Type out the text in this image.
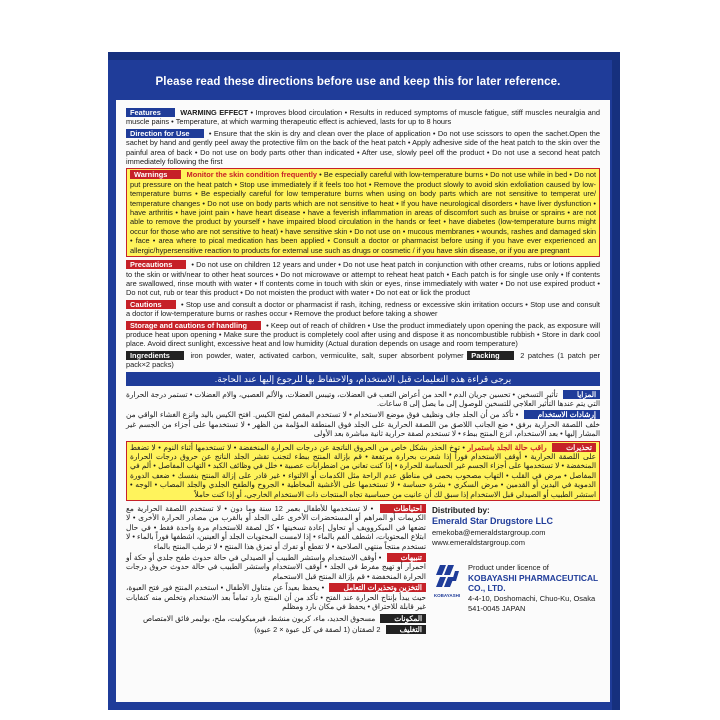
Please read these directions before use and keep this for later reference.
Features	WARMING EFFECT • Improves blood circulation • Results in reduced symptoms of muscle fatigue, stiff muscles neuralgia and muscle pains • Temperature, at which warming therapeutic effect is achieved, lasts for up to 8 hours
Direction for Use	• Ensure that the skin is dry and clean over the place of application • Do not use scissors to open the sachet.Open the sachet by hand and gently peel away the protective film on the back of the heat patch • Apply adhesive side of the heat patch to the skin over the painful area of back • Do not use on body parts other than indicated • After use, slowly peel off the product • Do not use a second heat patch immediately following the first
Warnings	Monitor the skin condition frequently • Be especially careful with low-temperature burns • Do not use while in bed • Do not put pressure on the heat patch • Stop use immediately if it feels too hot • Remove the product slowly to avoid skin exfoliation caused by low-temperature burns • Be especially careful for low temperature burns when using on body parts which are not sensitive to temperat ure/ temperature changes • Do not use on body parts which are not sensitive to heat • If you have neurological disorders • have liver dysfunction • have arthritis • have joint pain • have heart disease • have a feverish inflammation in areas of discomfort such as bruise or sprains • are not able to remove the product by yourself • have impaired blood circulation in the hands or feet • have diabetes (low-temperature burns might occur for those who are not sensitive to heat) • have sensitive skin • Do not use on • mucous membranes • wounds, rashes and damaged skin • face • area where to pical medication has been applied • Consult a doctor or pharmacist before using if you have ever experienced an allergic/hypersensitive reaction to products for external use such as drugs or cosmetic / if you have skin disease, or if you are pregnant
Precautions	• Do not use on children 12 years and under • Do not use heat patch in conjunction with other creams, rubs or lotions applied to the skin or with/near to other heat sources • Do not microwave or attempt to reheat heat patch • Each patch is for single use only • If contents are swallowed, rinse mouth with water • If contents come in touch with skin or eyes, rinse immediately with water • Do not use expired product • Do not cut, rub or tear this product • Do not moisten the product with water • Do not eat or lick the product
Cautions	• Stop use and consult a doctor or pharmacist if rash, itching, redness or excessive skin irritation occurs • Stop use and consult a doctor if low-temperature burns or rashes occur • Remove the product before taking a shower
Storage and cautions of handling	• Keep out of reach of children • Use the product immediately upon opening the pack, as exposure will produce heat upon opening • Make sure the product is completely cool after using and dispose it as noncombustible rubbish • Store in dark cool place. Avoid direct sunlight, excessive heat and low humidity (Actual duration depends on usage and room temperature)
Ingredients	iron powder, water, activated carbon, vermiculite, salt, super absorbent polymer Packing	2 patches (1 patch per pack×2 packs)
يرجى قراءة هذه التعليمات قبل الاستخدام، والاحتفاظ بها للرجوع إليها عند الحاجة.
المزايا تأثير التسخين • تحسين جريان الدم • الحد من أعراض التعب في العضلات، وتيبس العضلات، والألم العصبي، والام العضلات • تستمر درجة الحرارة التي يتم عندها التأثير العلاجي للتسخين للوصول إلى ما يصل إلى 8 ساعات.
إرشادات الاستخدام • تأكد من أن الجلد جاف ونظيف فوق موضع الاستخدام • لا تستخدم المقص لفتح الكيس. افتح الكيس باليد وانزع الغشاء الواقي من خلف اللصقة الحرارية برفق • ضع الجانب اللاصق من اللصقة الحرارية على الجلد فوق المنطقة المؤلمة من الظهر • لا تستخدمها على أجزاء من الجسم غير المشار إليها • بعد الاستخدام، انزع المنتج ببطء • لا تستخدم لصقة حرارية ثانية مباشرة بعد الأولى
تحذيرات راقب حالة الجلد باستمرار • توخ الحذر بشكل خاص من الحروق الناتجة عن درجات الحرارة المنخفضة • لا تستخدمها أثناء النوم • لا تضغط على اللصقة الحرارية • أوقف الاستخدام فوراً إذا شعرت بحرارة مرتفعة • قم بإزالة المنتج ببطء لتجنب تقشر الجلد الناتج عن حروق درجات الحرارة المنخفضة • لا تستخدمها على أجزاء الجسم غير الحساسة للحرارة • إذا كنت تعاني من اضطرابات عصبية • خلل في وظائف الكبد • التهاب المفاصل • ألم في المفاصل • مرض في القلب • التهاب مصحوب بحمى في مناطق عدم الراحة مثل الكدمات أو الالتواء • غير قادر على إزالة المنتج بنفسك • ضعف الدورة الدموية في اليدين أو القدمين • مرض السكري • بشرة حساسة • لا تستخدمها على الأغشية المخاطية • الجروح والطفح الجلدي والجلد المصاب • الوجه • استشر الطبيب أو الصيدلي قبل الاستخدام إذا سبق لك أن عانيت من حساسية تجاه المنتجات ذات الاستخدام الخارجي، أو إذا كنت حاملاً
احتياطات • لا تستخدمها للأطفال بعمر 12 سنة وما دون • لا تستخدم اللصقة الحرارية مع الكريمات أو المراهم أو المستحضرات الأخرى على الجلد أو بالقرب من مصادر الحرارة الأخرى • لا تضعها في الميكروويف أو تحاول إعادة تسخينها • كل لصقة للاستخدام مرة واحدة فقط • في حال ابتلاع المحتويات، اشطف الفم بالماء • إذا لامست المحتويات الجلد أو العينين، اشطفها فوراً بالماء • لا تستخدم منتجاً منتهي الصلاحية • لا تقطع أو تفرك أو تمزق هذا المنتج • لا ترطب المنتج بالماء
تنبيهات • أوقف الاستخدام واستشر الطبيب أو الصيدلي في حالة حدوث طفح جلدي أو حكة أو احمرار أو تهيج مفرط في الجلد • أوقف الاستخدام واستشر الطبيب في حالة حدوث حروق درجات الحرارة المنخفضة • قم بإزالة المنتج قبل الاستحمام
التخزين وتحذيرات التعامل • يحفظ بعيداً عن متناول الأطفال • استخدم المنتج فور فتح العبوة، حيث يبدأ بإنتاج الحرارة عند الفتح • تأكد من أن المنتج بارد تماماً بعد الاستخدام وتخلص منه كنفايات غير قابلة للاحتراق • يحفظ في مكان بارد ومظلم
المكونات مسحوق الحديد، ماء، كربون منشط، فيرميكوليت، ملح، بوليمر فائق الامتصاص
التغليف 2 لصقتان (1 لصقة في كل عبوة × 2 عبوة)
Distributed by:
Emerald Star Drugstore LLC
emekoba@emeraldstargroup.com
www.emeraldstargroup.com
KOBAYASHI
Product under licence of
KOBAYASHI PHARMACEUTICAL CO., LTD.
4-4-10, Doshomachi, Chuo-Ku, Osaka
541-0045 JAPAN
